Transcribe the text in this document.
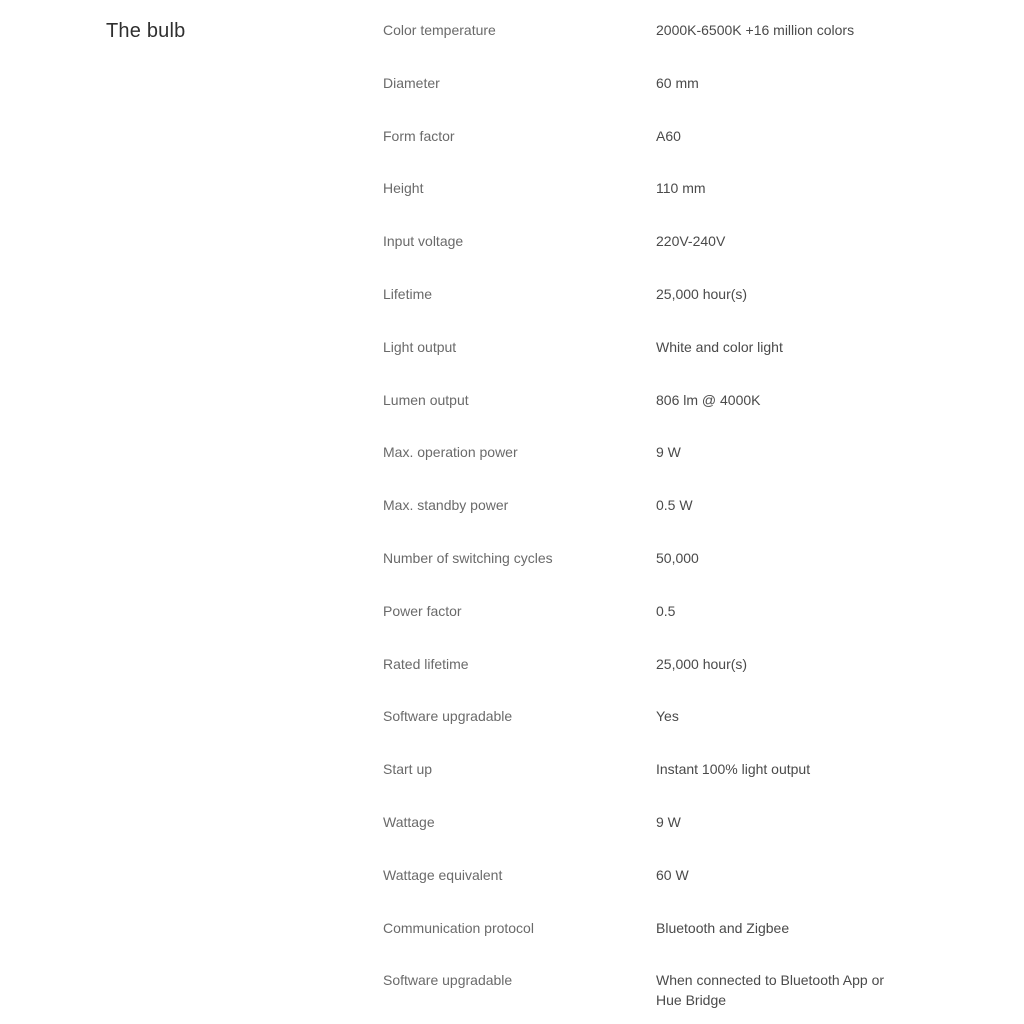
The bulb	Color temperature	2000K-6500K +16 million colors
Diameter	60 mm
Form factor	A60
Height	110 mm
Input voltage	220V-240V
Lifetime	25,000 hour(s)
Light output	White and color light
Lumen output	806 lm @ 4000K
Max. operation power	9 W
Max. standby power	0.5 W
Number of switching cycles	50,000
Power factor	0.5
Rated lifetime	25,000 hour(s)
Software upgradable	Yes
Start up	Instant 100% light output
Wattage	9 W
Wattage equivalent	60 W
Communication protocol	Bluetooth and Zigbee
Software upgradable	When connected to Bluetooth App or Hue Bridge
